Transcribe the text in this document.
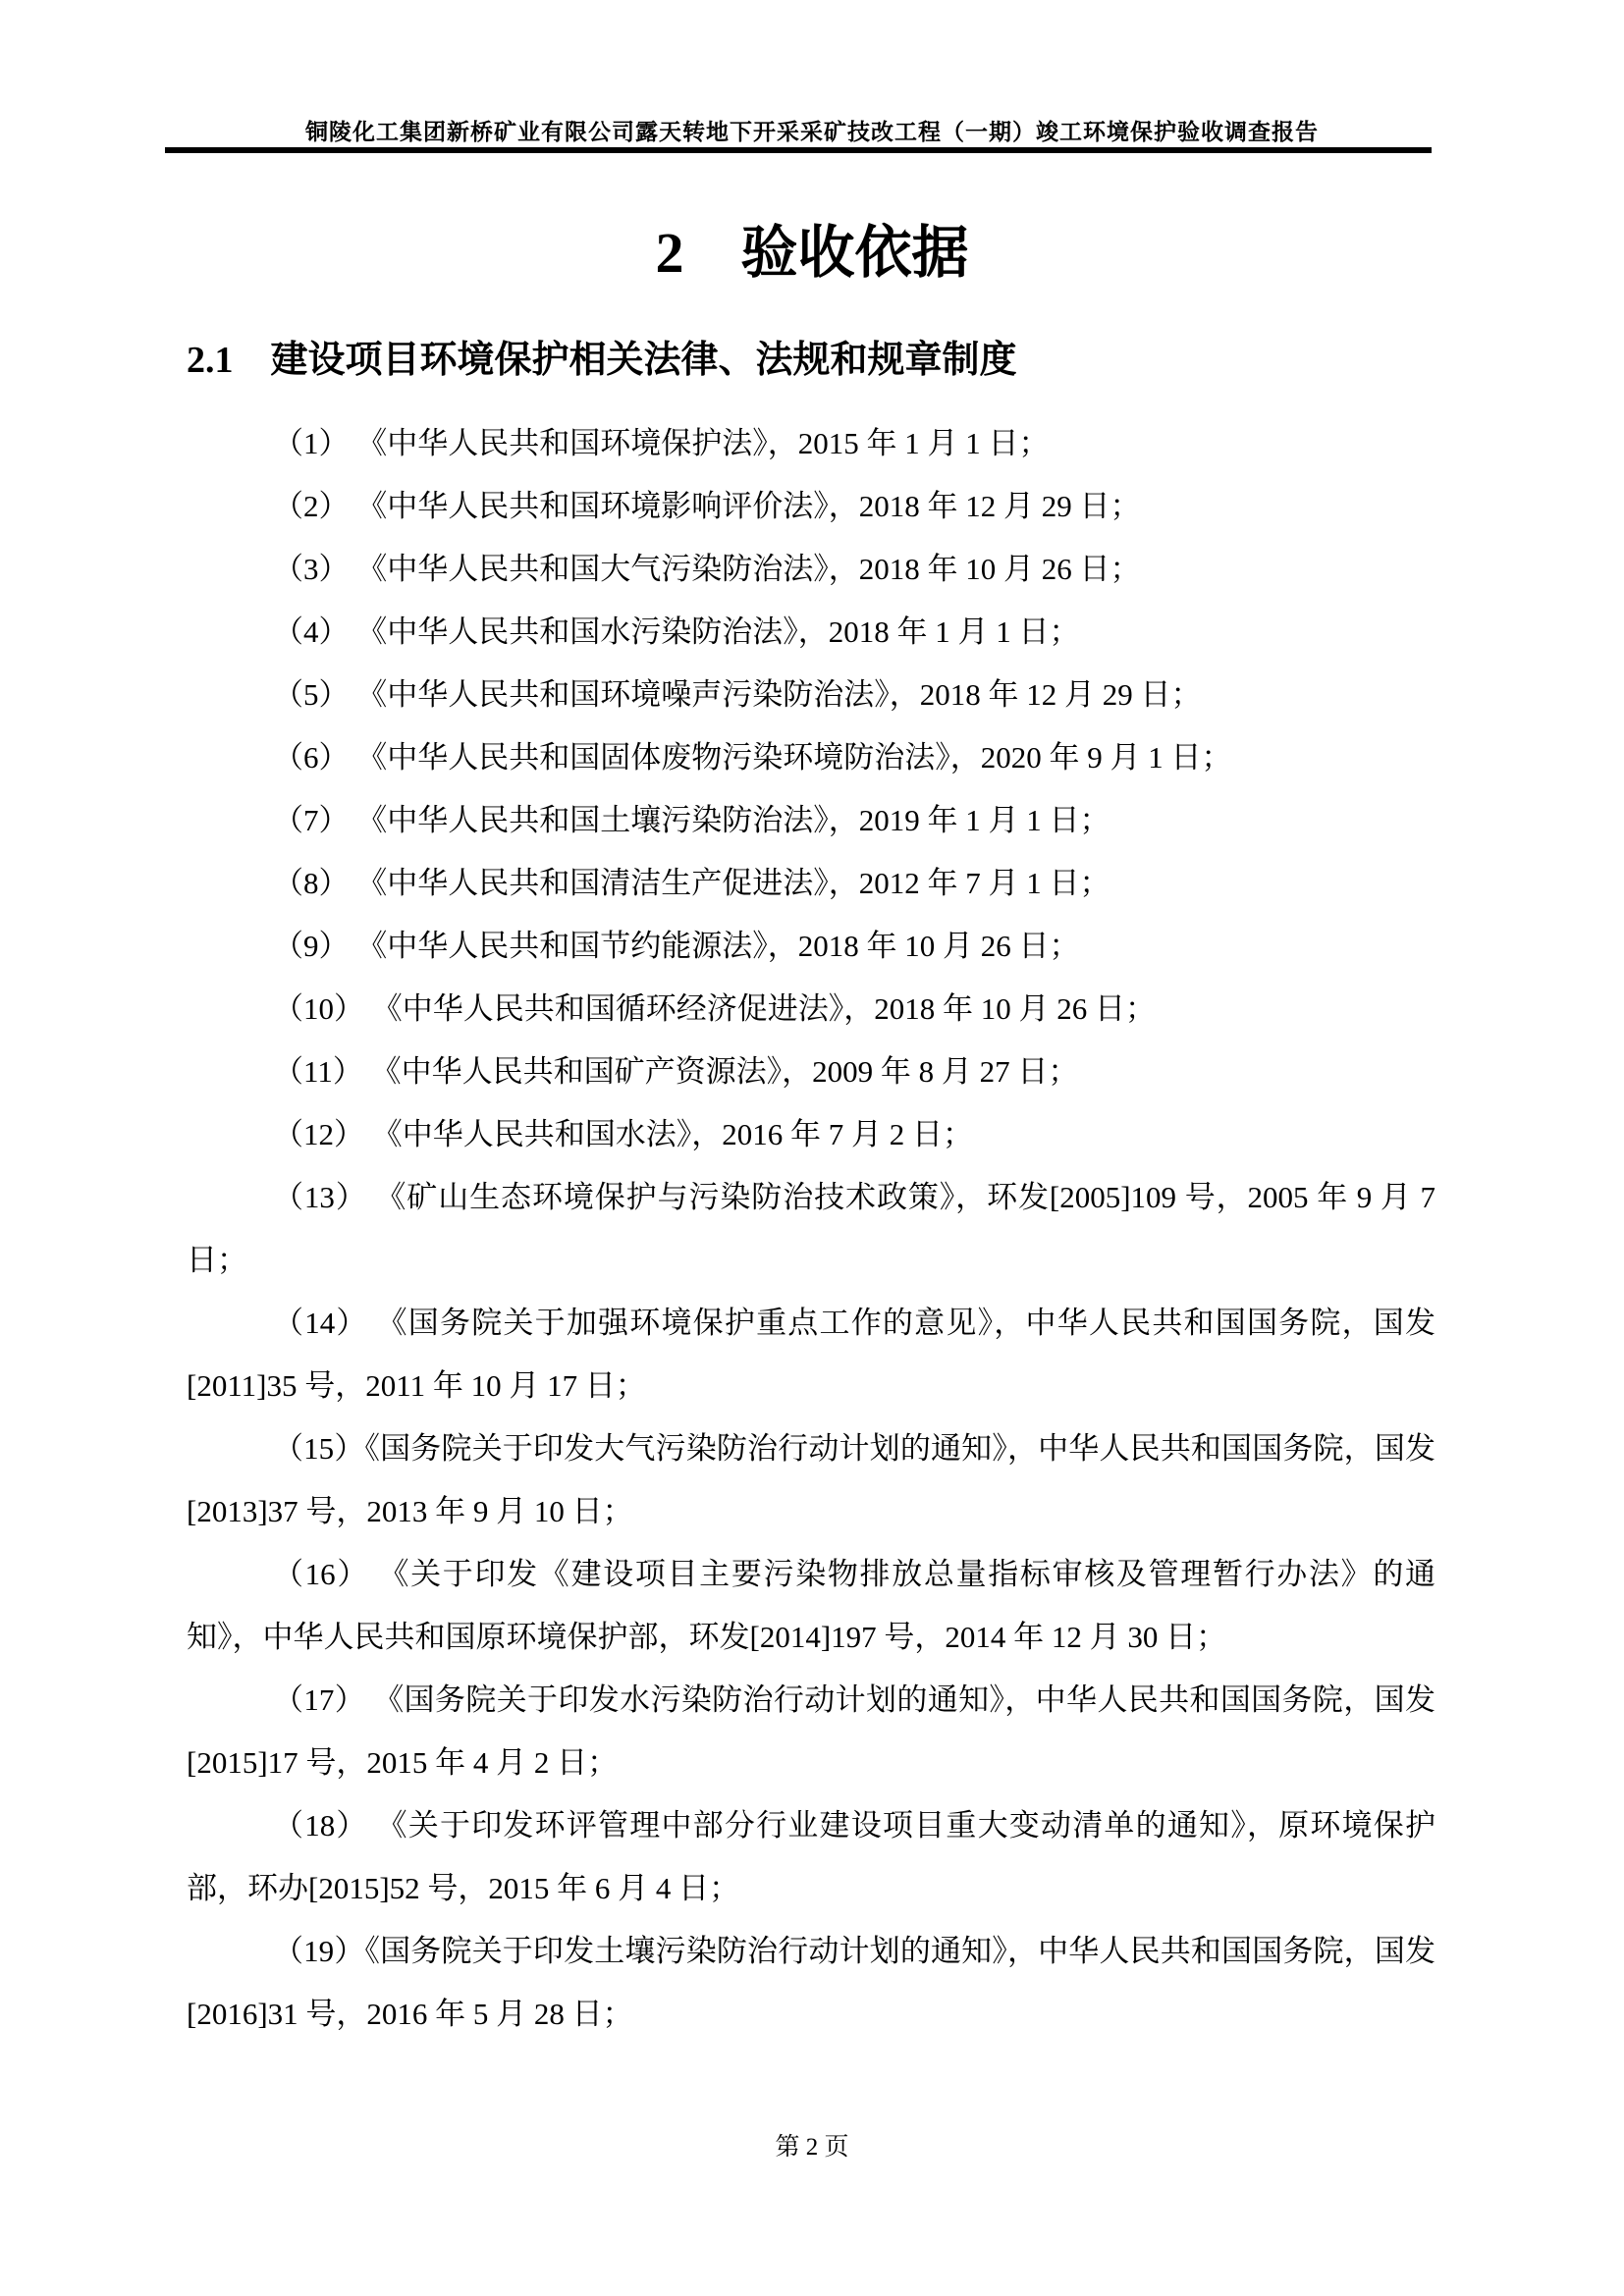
铜陵化工集团新桥矿业有限公司露天转地下开采采矿技改工程（一期）竣工环境保护验收调查报告
2　验收依据
2.1　建设项目环境保护相关法律、法规和规章制度

（1） 《中华人民共和国环境保护法》，2015 年 1 月 1 日；

（2） 《中华人民共和国环境影响评价法》，2018 年 12 月 29 日；

（3） 《中华人民共和国大气污染防治法》，2018 年 10 月 26 日；

（4） 《中华人民共和国水污染防治法》，2018 年 1 月 1 日；

（5） 《中华人民共和国环境噪声污染防治法》，2018 年 12 月 29 日；

（6） 《中华人民共和国固体废物污染环境防治法》，2020 年 9 月 1 日；

（7） 《中华人民共和国土壤污染防治法》，2019 年 1 月 1 日；

（8） 《中华人民共和国清洁生产促进法》，2012 年 7 月 1 日；

（9） 《中华人民共和国节约能源法》，2018 年 10 月 26 日；

（10） 《中华人民共和国循环经济促进法》，2018 年 10 月 26 日；

（11） 《中华人民共和国矿产资源法》，2009 年 8 月 27 日；

（12） 《中华人民共和国水法》，2016 年 7 月 2 日；

（13） 《矿山生态环境保护与污染防治技术政策》，环发[2005]109 号，2005 年 9 月 7 日；

（14） 《国务院关于加强环境保护重点工作的意见》，中华人民共和国国务院，国发[2011]35 号，2011 年 10 月 17 日；

（15）《国务院关于印发大气污染防治行动计划的通知》，中华人民共和国国务院，国发[2013]37 号，2013 年 9 月 10 日；

（16） 《关于印发《建设项目主要污染物排放总量指标审核及管理暂行办法》的通知》，中华人民共和国原环境保护部，环发[2014]197 号，2014 年 12 月 30 日；

（17） 《国务院关于印发水污染防治行动计划的通知》，中华人民共和国国务院，国发[2015]17 号，2015 年 4 月 2 日；

（18） 《关于印发环评管理中部分行业建设项目重大变动清单的通知》，原环境保护部，环办[2015]52 号，2015 年 6 月 4 日；

（19）《国务院关于印发土壤污染防治行动计划的通知》，中华人民共和国国务院，国发[2016]31 号，2016 年 5 月 28 日；

第 2 页
